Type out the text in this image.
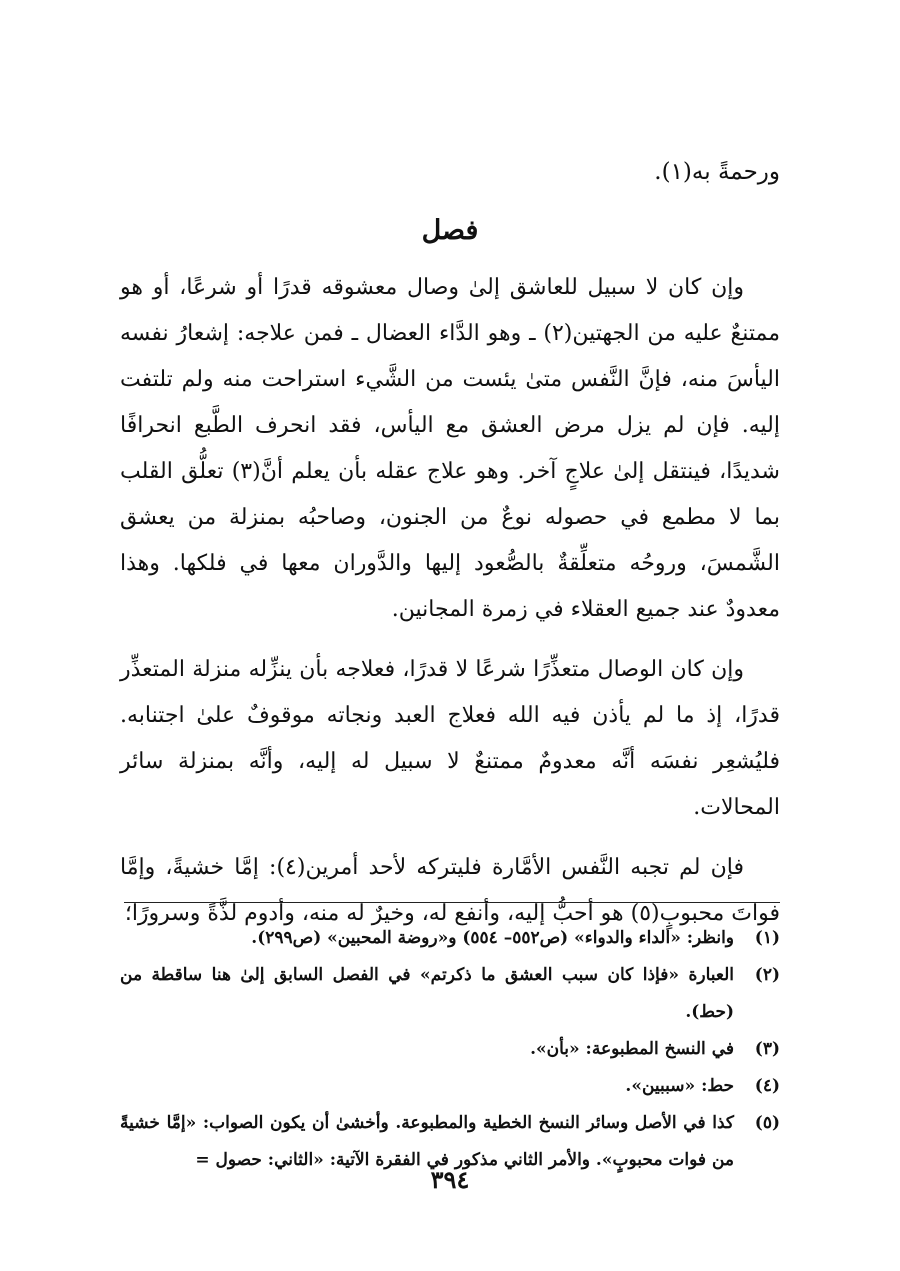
ورحمةً به(١).
فصل

وإن كان لا سبيل للعاشق إلىٰ وصال معشوقه قدرًا أو شرعًا، أو هو ممتنعٌ عليه من الجهتين(٢) ـ وهو الدَّاء العضال ـ فمن علاجه: إشعارُ نفسه اليأسَ منه، فإنَّ النَّفس متىٰ يئست من الشَّيء استراحت منه ولم تلتفت إليه. فإن لم يزل مرض العشق مع اليأس، فقد انحرف الطَّبع انحرافًا شديدًا، فينتقل إلىٰ علاجٍ آخر. وهو علاج عقله بأن يعلم أنَّ(٣) تعلُّق القلب بما لا مطمع في حصوله نوعٌ من الجنون، وصاحبُه بمنزلة من يعشق الشَّمسَ، وروحُه متعلِّقةٌ بالصُّعود إليها والدَّوران معها في فلكها. وهذا معدودٌ عند جميع العقلاء في زمرة المجانين.

وإن كان الوصال متعذِّرًا شرعًا لا قدرًا، فعلاجه بأن ينزِّله منزلة المتعذِّر قدرًا، إذ ما لم يأذن فيه الله فعلاج العبد ونجاته موقوفٌ علىٰ اجتنابه. فليُشعِر نفسَه أنَّه معدومٌ ممتنعٌ لا سبيل له إليه، وأنَّه بمنزلة سائر المحالات.

فإن لم تجبه النَّفس الأمَّارة فليتركه لأحد أمرين(٤): إمَّا خشيةً، وإمَّا فواتَ محبوبٍ(٥) هو أحبُّ إليه، وأنفع له، وخيرٌ له منه، وأدوم لذَّةً وسرورًا؛

(١)
وانظر: «الداء والدواء» (ص٥٥٢– ٥٥٤) و«روضة المحبين» (ص٢٩٩).
(٢)
العبارة «فإذا كان سبب العشق ما ذكرتم» في الفصل السابق إلىٰ هنا ساقطة من (حط).
(٣)
في النسخ المطبوعة: «بأن».
(٤)
حط: «سببين».
(٥)
كذا في الأصل وسائر النسخ الخطية والمطبوعة. وأخشىٰ أن يكون الصواب: «إمَّا خشيةً من فوات محبوبٍ». والأمر الثاني مذكور في الفقرة الآتية: «الثاني: حصول =
٣٩٤
